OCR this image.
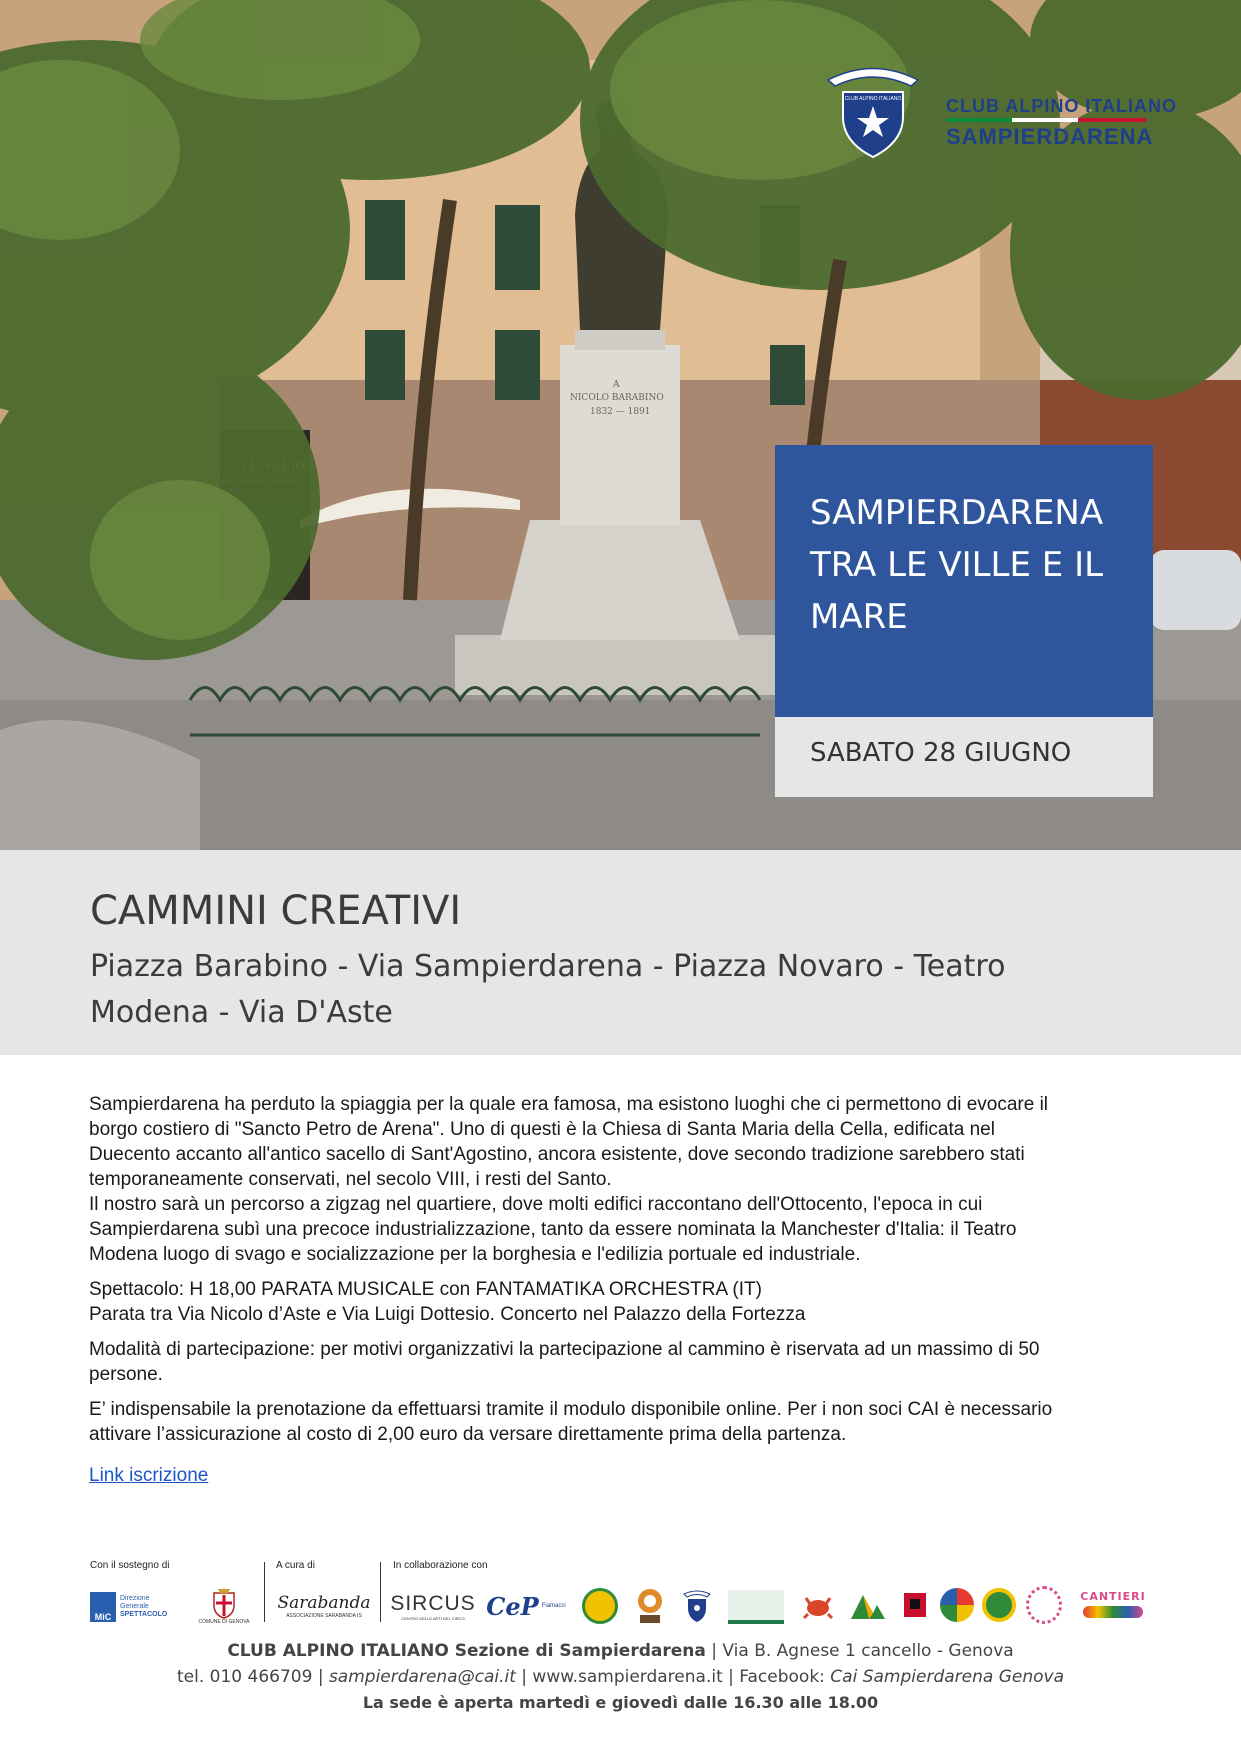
A
NICOLO BARABINO
1832 — 1891
CLUB ALPINO ITALIANO CLUB ALPINO ITALIANO
SAMPIERDARENA
SAMPIERDARENA
TRA LE VILLE E IL
MARE
SABATO 28 GIUGNO
CAMMINI CREATIVI
Piazza Barabino - Via Sampierdarena - Piazza Novaro - Teatro Modena - Via D'Aste

Sampierdarena ha perduto la spiaggia per la quale era famosa, ma esistono luoghi che ci permettono di evocare il
borgo costiero di "Sancto Petro de Arena". Uno di questi è la Chiesa di Santa Maria della Cella, edificata nel
Duecento accanto all'antico sacello di Sant'Agostino, ancora esistente, dove secondo tradizione sarebbero stati
temporaneamente conservati, nel secolo VIII, i resti del Santo.
Il nostro sarà un percorso a zigzag nel quartiere, dove molti edifici raccontano dell'Ottocento, l'epoca in cui
Sampierdarena subì una precoce industrializzazione, tanto da essere nominata la Manchester d'Italia: il Teatro
Modena luogo di svago e socializzazione per la borghesia e l'edilizia portuale ed industriale.

Spettacolo: H 18,00 PARATA MUSICALE con FANTAMATIKA ORCHESTRA (IT)
Parata tra Via Nicolo d’Aste e Via Luigi Dottesio. Concerto nel Palazzo della Fortezza

Modalità di partecipazione: per motivi organizzativi la partecipazione al cammino è riservata ad un massimo di 50
persone.

E’ indispensabile la prenotazione da effettuarsi tramite il modulo disponibile online. Per i non soci CAI è necessario
attivare l’assicurazione al costo di 2,00 euro da versare direttamente prima della partenza.

Link iscrizione
Con il sostegno di	A cura di	In collaborazione con
MiC
Direzione
Generale
SPETTACOLO
COMUNE DI GENOVA
Sarabanda
ASSOCIAZIONE SARABANDA IS
SIRCUS
CENTRO DELLE ARTI DEL CIRCO CeP Fiamacci
CANTIERI
CLUB ALPINO ITALIANO Sezione di Sampierdarena | Via B. Agnese 1 cancello - Genova
tel. 010 466709 | sampierdarena@cai.it | www.sampierdarena.it | Facebook: Cai Sampierdarena Genova
La sede è aperta martedì e giovedì dalle 16.30 alle 18.00
